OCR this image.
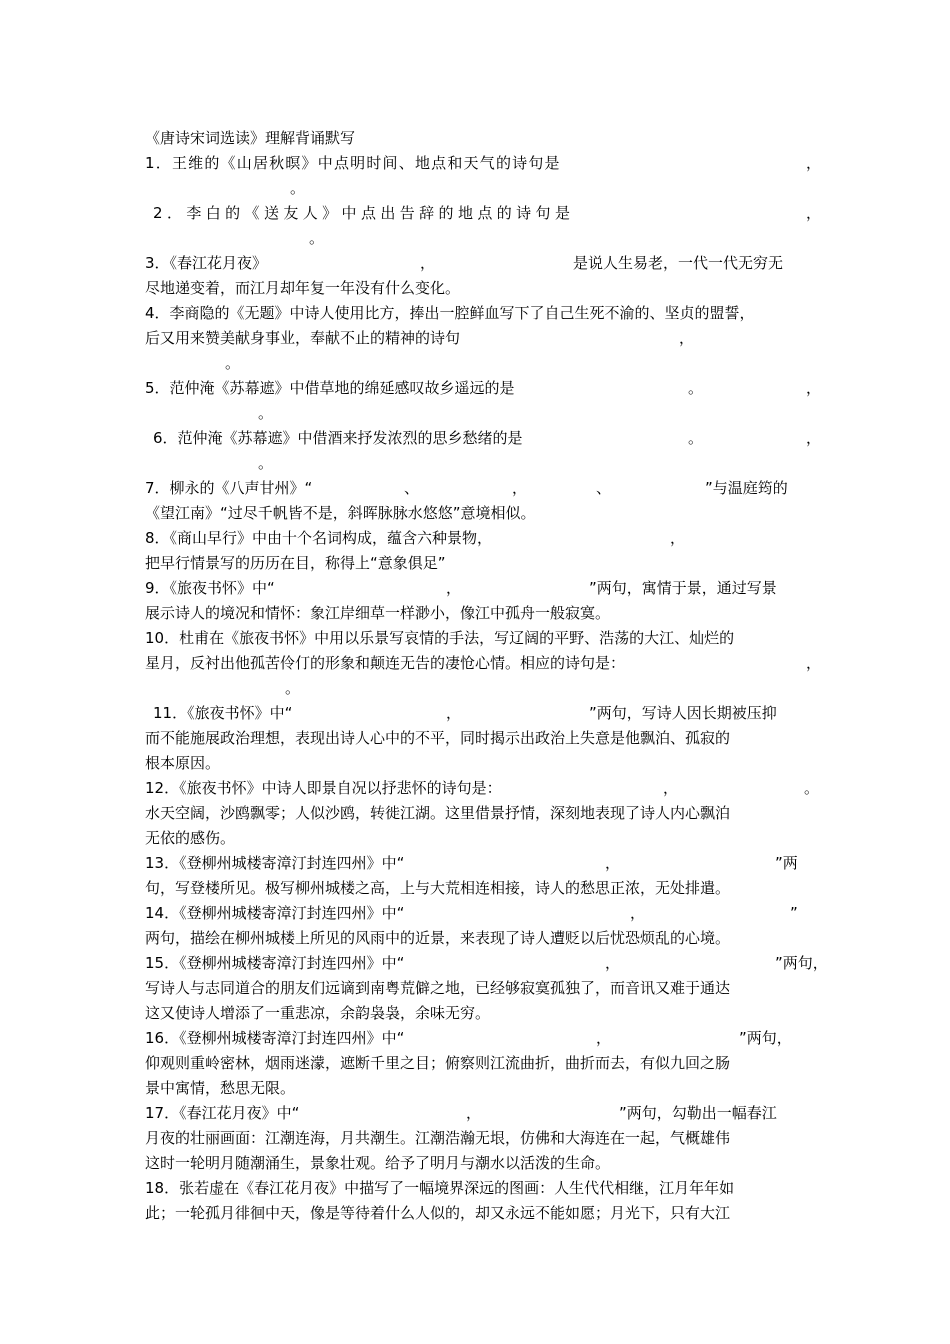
《唐诗宋词选读》理解背诵默写
1．王维的《山居秋暝》中点明时间、地点和天气的诗句是	，
。
2．李白的《送友人》中点出告辞的地点的诗句是	，
。
3．《春江花月夜》	，	是说人生易老，一代一代无穷无
尽地递变着，而江月却年复一年没有什么变化。
4．李商隐的《无题》中诗人使用比方，捧出一腔鲜血写下了自己生死不渝的、坚贞的盟誓，
后又用来赞美献身事业，奉献不止的精神的诗句	，
。
5．范仲淹《苏幕遮》中借草地的绵延感叹故乡遥远的是	。	，
。
6．范仲淹《苏幕遮》中借酒来抒发浓烈的思乡愁绪的是	。	，
。
7．柳永的《八声甘州》“	、	，	、	”与温庭筠的
《望江南》“过尽千帆皆不是，斜晖脉脉水悠悠”意境相似。
8．《商山早行》中由十个名词构成，蕴含六种景物，	，
把早行情景写的历历在目，称得上“意象俱足”
9．《旅夜书怀》中“	，	”两句，寓情于景，通过写景
展示诗人的境况和情怀：象江岸细草一样渺小，像江中孤舟一般寂寞。
10．杜甫在《旅夜书怀》中用以乐景写哀情的手法，写辽阔的平野、浩荡的大江、灿烂的
星月，反衬出他孤苦伶仃的形象和颠连无告的凄怆心情。相应的诗句是：	，
。
11．《旅夜书怀》中“	，	”两句，写诗人因长期被压抑
而不能施展政治理想，表现出诗人心中的不平，同时揭示出政治上失意是他飘泊、孤寂的
根本原因。
12．《旅夜书怀》中诗人即景自况以抒悲怀的诗句是：	，	。
水天空阔，沙鸥飘零；人似沙鸥，转徙江湖。这里借景抒情，深刻地表现了诗人内心飘泊
无依的感伤。
13．《登柳州城楼寄漳汀封连四州》中“	，	”两
句，写登楼所见。极写柳州城楼之高，上与大荒相连相接，诗人的愁思正浓，无处排遣。
14．《登柳州城楼寄漳汀封连四州》中“	，	”
两句，描绘在柳州城楼上所见的风雨中的近景，来表现了诗人遭贬以后忧恐烦乱的心境。
15．《登柳州城楼寄漳汀封连四州》中“	，	”两句，
写诗人与志同道合的朋友们远谪到南粤荒僻之地，已经够寂寞孤独了，而音讯又难于通达
这又使诗人增添了一重悲凉，余韵袅袅，余味无穷。
16．《登柳州城楼寄漳汀封连四州》中“	，	”两句，
仰观则重岭密林，烟雨迷濛，遮断千里之目；俯察则江流曲折，曲折而去，有似九回之肠
景中寓情，愁思无限。
17．《春江花月夜》中“	，	”两句，勾勒出一幅春江
月夜的壮丽画面：江潮连海，月共潮生。江潮浩瀚无垠，仿佛和大海连在一起，气概雄伟
这时一轮明月随潮涌生，景象壮观。给予了明月与潮水以活泼的生命。
18．张若虚在《春江花月夜》中描写了一幅境界深远的图画：人生代代相继，江月年年如
此；一轮孤月徘徊中天，像是等待着什么人似的，却又永远不能如愿；月光下，只有大江
